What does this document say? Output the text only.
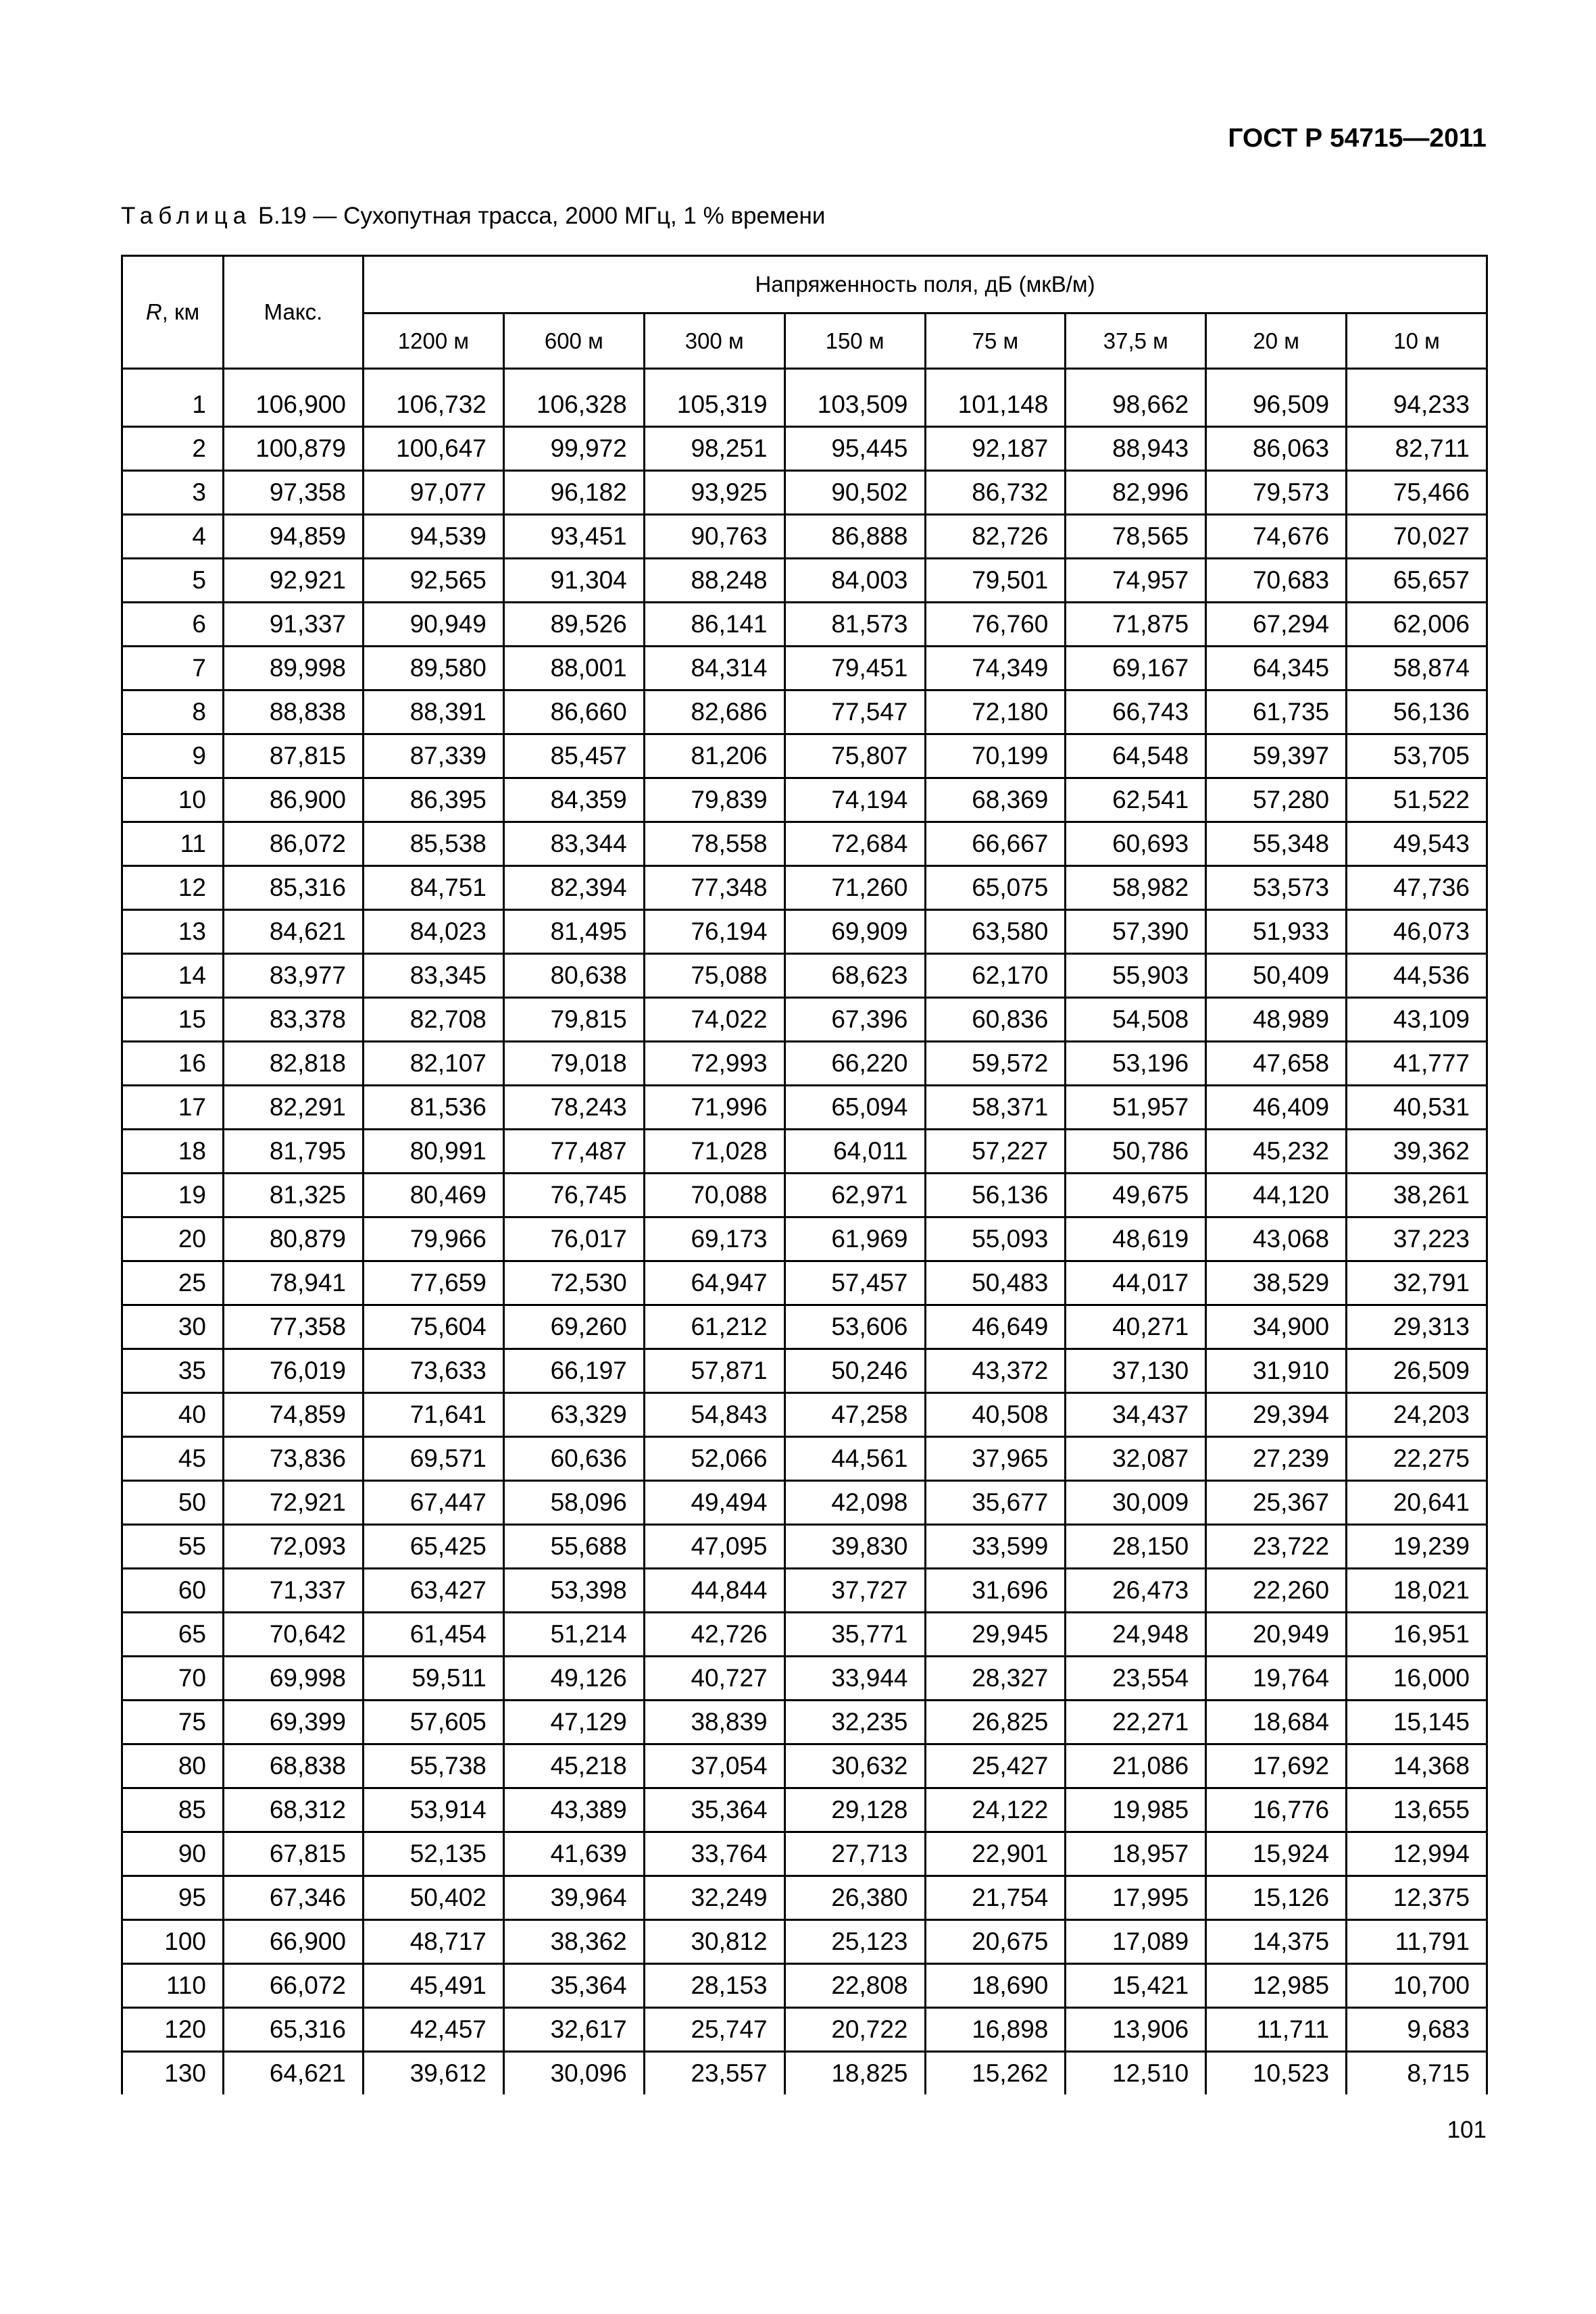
ГОСТ Р 54715—2011
Таблица Б.19 — Сухопутная трасса, 2000 МГц, 1 % времени
R, км	Макс.	Напряженность поля, дБ (мкВ/м)							
		1200 м	600 м	300 м	150 м	75 м	37,5 м	20 м	10 м

1	106,900	106,732	106,328	105,319	103,509	101,148	98,662	96,509	94,233
2	100,879	100,647	99,972	98,251	95,445	92,187	88,943	86,063	82,711
3	97,358	97,077	96,182	93,925	90,502	86,732	82,996	79,573	75,466
4	94,859	94,539	93,451	90,763	86,888	82,726	78,565	74,676	70,027
5	92,921	92,565	91,304	88,248	84,003	79,501	74,957	70,683	65,657
6	91,337	90,949	89,526	86,141	81,573	76,760	71,875	67,294	62,006
7	89,998	89,580	88,001	84,314	79,451	74,349	69,167	64,345	58,874
8	88,838	88,391	86,660	82,686	77,547	72,180	66,743	61,735	56,136
9	87,815	87,339	85,457	81,206	75,807	70,199	64,548	59,397	53,705
10	86,900	86,395	84,359	79,839	74,194	68,369	62,541	57,280	51,522
11	86,072	85,538	83,344	78,558	72,684	66,667	60,693	55,348	49,543
12	85,316	84,751	82,394	77,348	71,260	65,075	58,982	53,573	47,736
13	84,621	84,023	81,495	76,194	69,909	63,580	57,390	51,933	46,073
14	83,977	83,345	80,638	75,088	68,623	62,170	55,903	50,409	44,536
15	83,378	82,708	79,815	74,022	67,396	60,836	54,508	48,989	43,109
16	82,818	82,107	79,018	72,993	66,220	59,572	53,196	47,658	41,777
17	82,291	81,536	78,243	71,996	65,094	58,371	51,957	46,409	40,531
18	81,795	80,991	77,487	71,028	64,011	57,227	50,786	45,232	39,362
19	81,325	80,469	76,745	70,088	62,971	56,136	49,675	44,120	38,261
20	80,879	79,966	76,017	69,173	61,969	55,093	48,619	43,068	37,223
25	78,941	77,659	72,530	64,947	57,457	50,483	44,017	38,529	32,791
30	77,358	75,604	69,260	61,212	53,606	46,649	40,271	34,900	29,313
35	76,019	73,633	66,197	57,871	50,246	43,372	37,130	31,910	26,509
40	74,859	71,641	63,329	54,843	47,258	40,508	34,437	29,394	24,203
45	73,836	69,571	60,636	52,066	44,561	37,965	32,087	27,239	22,275
50	72,921	67,447	58,096	49,494	42,098	35,677	30,009	25,367	20,641
55	72,093	65,425	55,688	47,095	39,830	33,599	28,150	23,722	19,239
60	71,337	63,427	53,398	44,844	37,727	31,696	26,473	22,260	18,021
65	70,642	61,454	51,214	42,726	35,771	29,945	24,948	20,949	16,951
70	69,998	59,511	49,126	40,727	33,944	28,327	23,554	19,764	16,000
75	69,399	57,605	47,129	38,839	32,235	26,825	22,271	18,684	15,145
80	68,838	55,738	45,218	37,054	30,632	25,427	21,086	17,692	14,368
85	68,312	53,914	43,389	35,364	29,128	24,122	19,985	16,776	13,655
90	67,815	52,135	41,639	33,764	27,713	22,901	18,957	15,924	12,994
95	67,346	50,402	39,964	32,249	26,380	21,754	17,995	15,126	12,375
100	66,900	48,717	38,362	30,812	25,123	20,675	17,089	14,375	11,791
110	66,072	45,491	35,364	28,153	22,808	18,690	15,421	12,985	10,700
120	65,316	42,457	32,617	25,747	20,722	16,898	13,906	11,711	9,683
130	64,621	39,612	30,096	23,557	18,825	15,262	12,510	10,523	8,715
101
